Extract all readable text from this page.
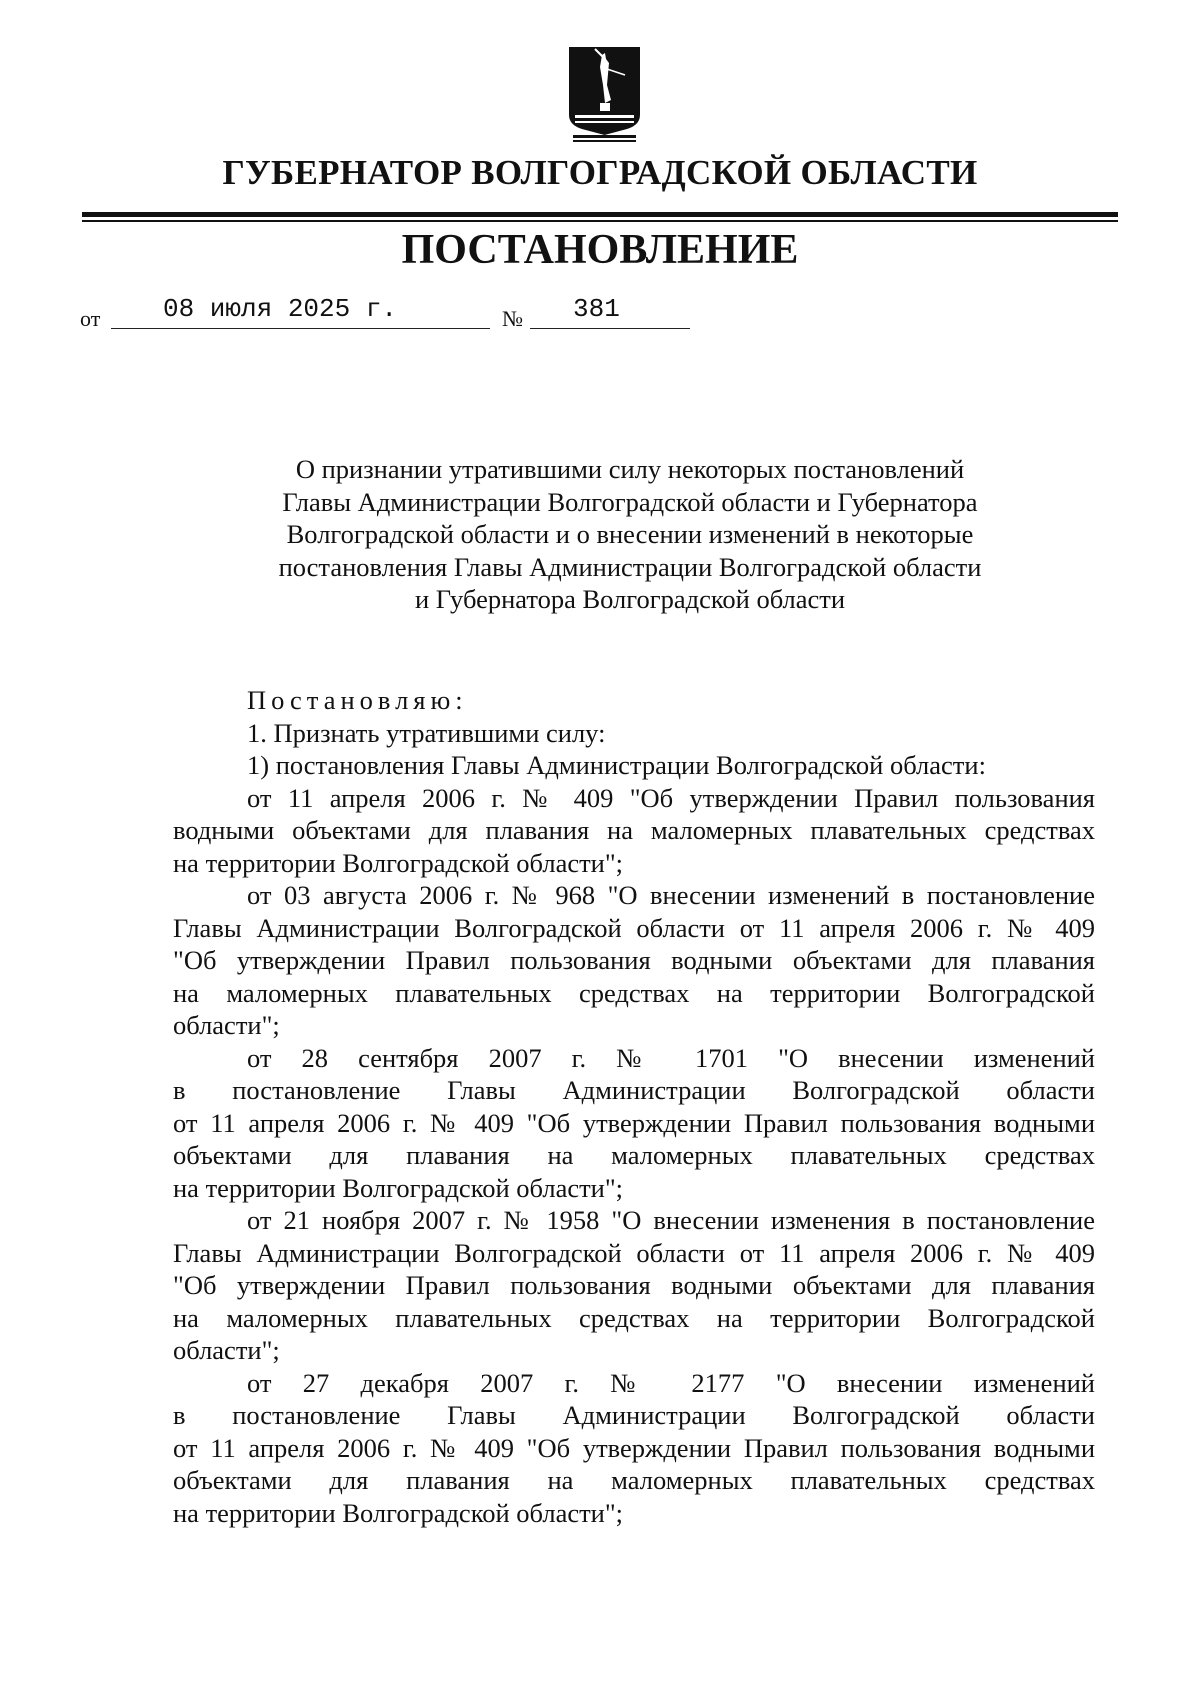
ГУБЕРНАТОР ВОЛГОГРАДСКОЙ ОБЛАСТИ
ПОСТАНОВЛЕНИЕ
от 08 июля 2025 г.	№ 381
О признании утратившими силу некоторых постановлений
Главы Администрации Волгоградской области и Губернатора
Волгоградской области и о внесении изменений в некоторые
постановления Главы Администрации Волгоградской области
и Губернатора Волгоградской области
Постановляю:
1. Признать утратившими силу:
1) постановления Главы Администрации Волгоградской области:
от 11 апреля 2006 г. № 409 "Об утверждении Правил пользования
водными объектами для плавания на маломерных плавательных средствах
на территории Волгоградской области";
от 03 августа 2006 г. № 968 "О внесении изменений в постановление
Главы Администрации Волгоградской области от 11 апреля 2006 г. № 409
"Об утверждении Правил пользования водными объектами для плавания
на маломерных плавательных средствах на территории Волгоградской
области";
от 28 сентября 2007 г. № 1701 "О внесении изменений
в постановление Главы Администрации Волгоградской области
от 11 апреля 2006 г. № 409 "Об утверждении Правил пользования водными
объектами для плавания на маломерных плавательных средствах
на территории Волгоградской области";
от 21 ноября 2007 г. № 1958 "О внесении изменения в постановление
Главы Администрации Волгоградской области от 11 апреля 2006 г. № 409
"Об утверждении Правил пользования водными объектами для плавания
на маломерных плавательных средствах на территории Волгоградской
области";
от 27 декабря 2007 г. № 2177 "О внесении изменений
в постановление Главы Администрации Волгоградской области
от 11 апреля 2006 г. № 409 "Об утверждении Правил пользования водными
объектами для плавания на маломерных плавательных средствах
на территории Волгоградской области";
